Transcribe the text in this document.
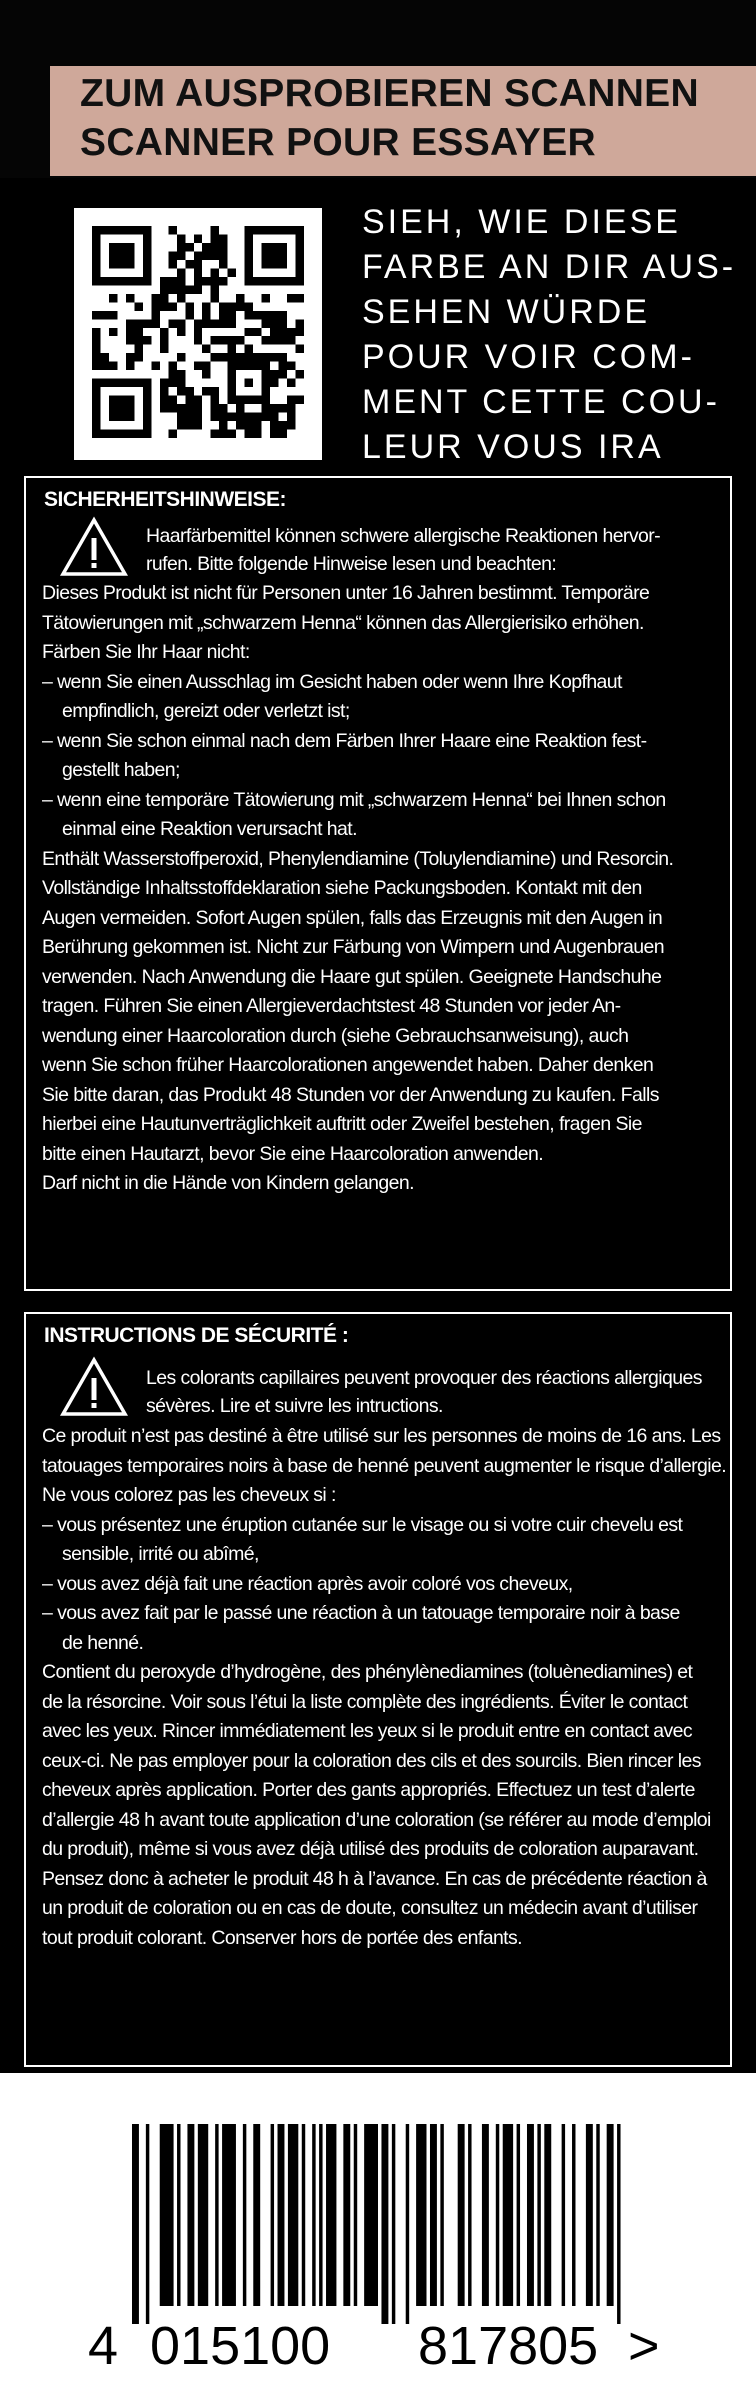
ZUM AUSPROBIEREN SCANNEN
SCANNER POUR ESSAYER
SIEH, WIE DIESE
FARBE AN DIR AUS-
SEHEN WÜRDE
POUR VOIR COM-
MENT CETTE COU-
LEUR VOUS IRA
SICHERHEITSHINWEISE:
Haarfärbemittel können schwere allergische Reaktionen hervor-
rufen. Bitte folgende Hinweise lesen und beachten:
Dieses Produkt ist nicht für Personen unter 16 Jahren bestimmt. Temporäre
Tätowierungen mit „schwarzem Henna“ können das Allergierisiko erhöhen.
Färben Sie Ihr Haar nicht:
– wenn Sie einen Ausschlag im Gesicht haben oder wenn Ihre Kopfhaut
empfindlich, gereizt oder verletzt ist;
– wenn Sie schon einmal nach dem Färben Ihrer Haare eine Reaktion fest-
gestellt haben;
– wenn eine temporäre Tätowierung mit „schwarzem Henna“ bei Ihnen schon
einmal eine Reaktion verursacht hat.
Enthält Wasserstoffperoxid, Phenylendiamine (Toluylendiamine) und Resorcin.
Vollständige Inhaltsstoffdeklaration siehe Packungsboden. Kontakt mit den
Augen vermeiden. Sofort Augen spülen, falls das Erzeugnis mit den Augen in
Berührung gekommen ist. Nicht zur Färbung von Wimpern und Augenbrauen
verwenden. Nach Anwendung die Haare gut spülen. Geeignete Handschuhe
tragen. Führen Sie einen Allergieverdachtstest 48 Stunden vor jeder An-
wendung einer Haarcoloration durch (siehe Gebrauchsanweisung), auch
wenn Sie schon früher Haarcolorationen angewendet haben. Daher denken
Sie bitte daran, das Produkt 48 Stunden vor der Anwendung zu kaufen. Falls
hierbei eine Hautunverträglichkeit auftritt oder Zweifel bestehen, fragen Sie
bitte einen Hautarzt, bevor Sie eine Haarcoloration anwenden.
Darf nicht in die Hände von Kindern gelangen.
INSTRUCTIONS DE SÉCURITÉ :
Les colorants capillaires peuvent provoquer des réactions allergiques
sévères. Lire et suivre les intructions.
Ce produit n’est pas destiné à être utilisé sur les personnes de moins de 16 ans. Les
tatouages temporaires noirs à base de henné peuvent augmenter le risque d’allergie.
Ne vous colorez pas les cheveux si :
– vous présentez une éruption cutanée sur le visage ou si votre cuir chevelu est
sensible, irrité ou abîmé,
– vous avez déjà fait une réaction après avoir coloré vos cheveux,
– vous avez fait par le passé une réaction à un tatouage temporaire noir à base
de henné.
Contient du peroxyde d’hydrogène, des phénylènediamines (toluènediamines) et
de la résorcine. Voir sous l’étui la liste complète des ingrédients. Éviter le contact
avec les yeux. Rincer immédiatement les yeux si le produit entre en contact avec
ceux-ci. Ne pas employer pour la coloration des cils et des sourcils. Bien rincer les
cheveux après application. Porter des gants appropriés. Effectuez un test d’alerte
d’allergie 48 h avant toute application d’une coloration (se référer au mode d’emploi
du produit), même si vous avez déjà utilisé des produits de coloration auparavant.
Pensez donc à acheter le produit 48 h à l’avance. En cas de précédente réaction à
un produit de coloration ou en cas de doute, consultez un médecin avant d’utiliser
tout produit colorant. Conserver hors de portée des enfants.
4 015100 817805 >
